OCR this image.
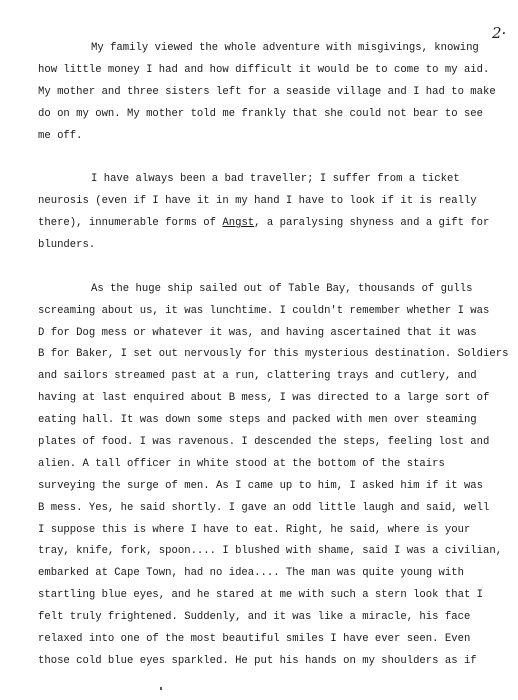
2·
My family viewed the whole adventure with misgivings, knowing
how little money I had and how difficult it would be to come to my aid.
My mother and three sisters left for a seaside village and I had to make
do on my own. My mother told me frankly that she could not bear to see
me off.
I have always been a bad traveller; I suffer from a ticket
neurosis (even if I have it in my hand I have to look if it is really
there), innumerable forms of Angst, a paralysing shyness and a gift for
blunders.
As the huge ship sailed out of Table Bay, thousands of gulls
screaming about us, it was lunchtime. I couldn't remember whether I was
D for Dog mess or whatever it was, and having ascertained that it was
B for Baker, I set out nervously for this mysterious destination. Soldiers
and sailors streamed past at a run, clattering trays and cutlery, and
having at last enquired about B mess, I was directed to a large sort of
eating hall. It was down some steps and packed with men over steaming
plates of food. I was ravenous. I descended the steps, feeling lost and
alien. A tall officer in white stood at the bottom of the stairs
surveying the surge of men. As I came up to him, I asked him if it was
B mess. Yes, he said shortly. I gave an odd little laugh and said, well
I suppose this is where I have to eat. Right, he said, where is your
tray, knife, fork, spoon.... I blushed with shame, said I was a civilian,
embarked at Cape Town, had no idea.... The man was quite young with
startling blue eyes, and he stared at me with such a stern look that I
felt truly frightened. Suddenly, and it was like a miracle, his face
relaxed into one of the most beautiful smiles I have ever seen. Even
those cold blue eyes sparkled. He put his hands on my shoulders as if
